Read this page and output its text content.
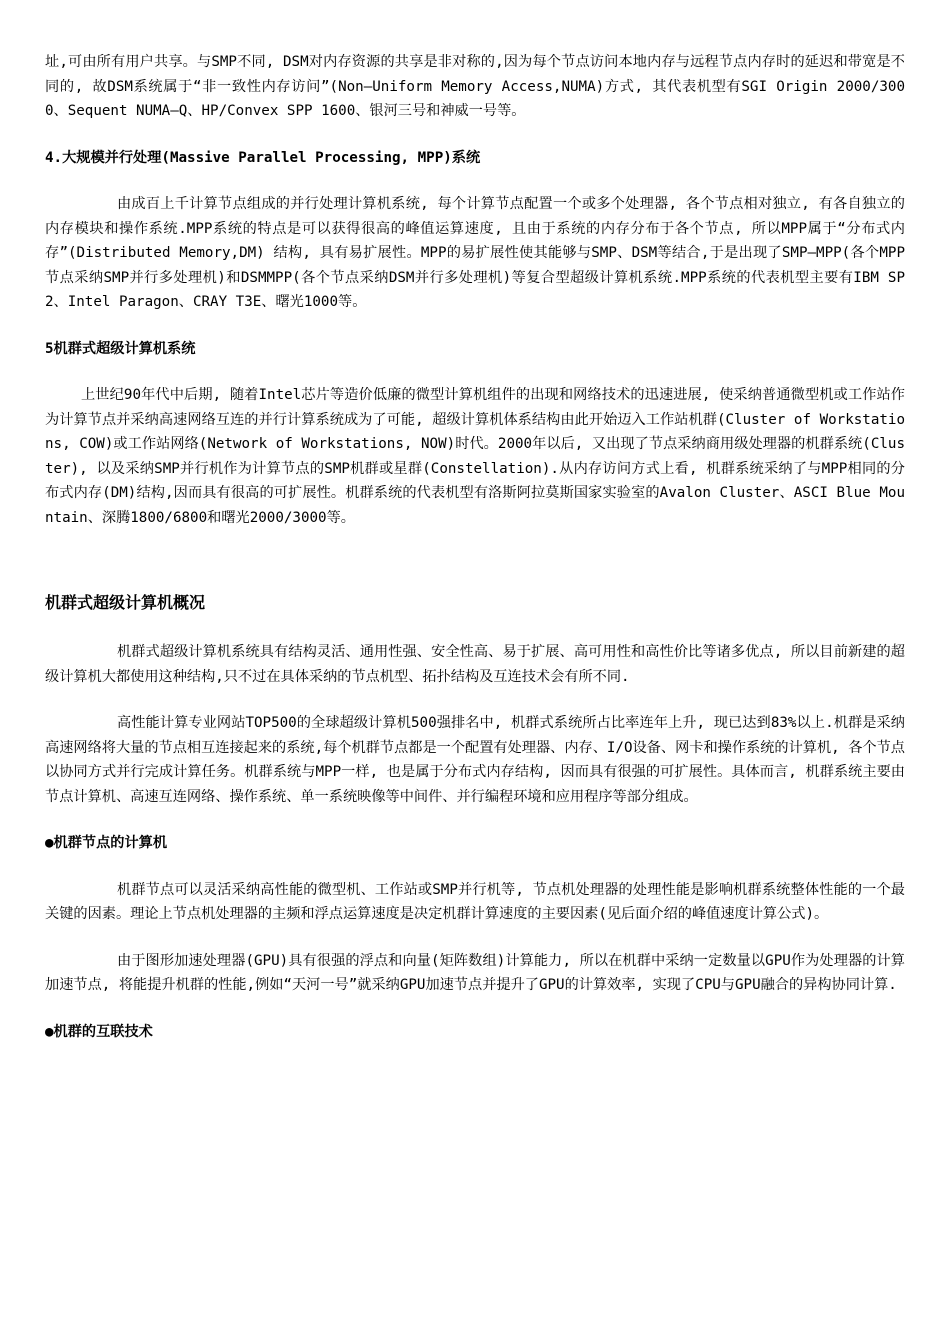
址,可由所有用户共享。与SMP不同, DSM对内存资源的共享是非对称的,因为每个节点访问本地内存与远程节点内存时的延迟和带宽是不同的, 故DSM系统属于“非一致性内存访问”(Non—Uniform Memory Access,NUMA)方式, 其代表机型有SGI Origin 2000/3000、Sequent NUMA—Q、HP/Convex SPP 1600、银河三号和神威一号等。

4.大规模并行处理(Massive Parallel Processing, MPP)系统

由成百上千计算节点组成的并行处理计算机系统, 每个计算节点配置一个或多个处理器, 各个节点相对独立, 有各自独立的内存模块和操作系统.MPP系统的特点是可以获得很高的峰值运算速度, 且由于系统的内存分布于各个节点, 所以MPP属于“分布式内存”(Distributed Memory,DM) 结构, 具有易扩展性。MPP的易扩展性使其能够与SMP、DSM等结合,于是出现了SMP—MPP(各个MPP节点采纳SMP并行多处理机)和DSMMPP(各个节点采纳DSM并行多处理机)等复合型超级计算机系统.MPP系统的代表机型主要有IBM SP2、Intel Paragon、CRAY T3E、曙光1000等。

5机群式超级计算机系统

上世纪90年代中后期, 随着Intel芯片等造价低廉的微型计算机组件的出现和网络技术的迅速进展, 使采纳普通微型机或工作站作为计算节点并采纳高速网络互连的并行计算系统成为了可能, 超级计算机体系结构由此开始迈入工作站机群(Cluster of Workstations, COW)或工作站网络(Network of Workstations, NOW)时代。2000年以后, 又出现了节点采纳商用级处理器的机群系统(Cluster), 以及采纳SMP并行机作为计算节点的SMP机群或星群(Constellation).从内存访问方式上看, 机群系统采纳了与MPP相同的分布式内存(DM)结构,因而具有很高的可扩展性。机群系统的代表机型有洛斯阿拉莫斯国家实验室的Avalon Cluster、ASCI Blue Mountain、深腾1800/6800和曙光2000/3000等。

机群式超级计算机概况

机群式超级计算机系统具有结构灵活、通用性强、安全性高、易于扩展、高可用性和高性价比等诸多优点, 所以目前新建的超级计算机大都使用这种结构,只不过在具体采纳的节点机型、拓扑结构及互连技术会有所不同.

高性能计算专业网站TOP500的全球超级计算机500强排名中, 机群式系统所占比率连年上升, 现已达到83%以上.机群是采纳高速网络将大量的节点相互连接起来的系统,每个机群节点都是一个配置有处理器、内存、I/O设备、网卡和操作系统的计算机, 各个节点以协同方式并行完成计算任务。机群系统与MPP一样, 也是属于分布式内存结构, 因而具有很强的可扩展性。具体而言, 机群系统主要由节点计算机、高速互连网络、操作系统、单一系统映像等中间件、并行编程环境和应用程序等部分组成。

●机群节点的计算机

机群节点可以灵活采纳高性能的微型机、工作站或SMP并行机等, 节点机处理器的处理性能是影响机群系统整体性能的一个最关键的因素。理论上节点机处理器的主频和浮点运算速度是决定机群计算速度的主要因素(见后面介绍的峰值速度计算公式)。

由于图形加速处理器(GPU)具有很强的浮点和向量(矩阵数组)计算能力, 所以在机群中采纳一定数量以GPU作为处理器的计算加速节点, 将能提升机群的性能,例如“天河一号”就采纳GPU加速节点并提升了GPU的计算效率, 实现了CPU与GPU融合的异构协同计算.

●机群的互联技术
